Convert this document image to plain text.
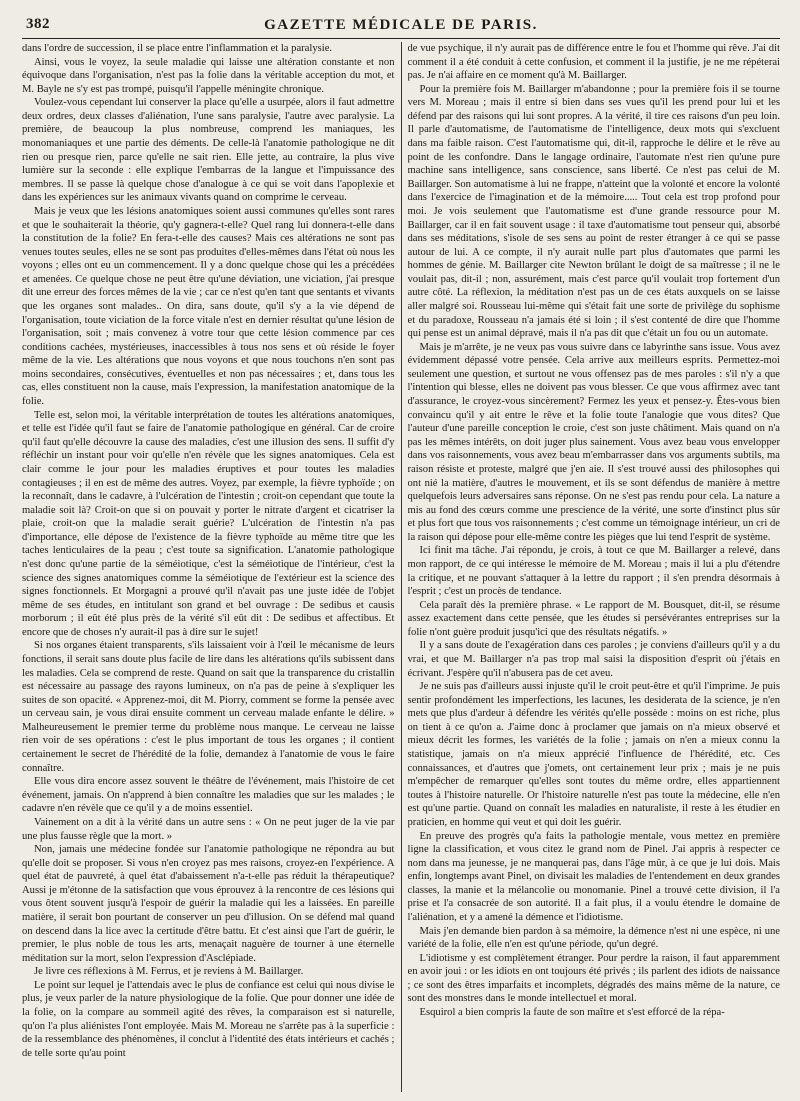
382	GAZETTE MÉDICALE DE PARIS.

dans l'ordre de succession, il se place entre l'inflammation et la paralysie.

Ainsi, vous le voyez, la seule maladie qui laisse une altération constante et non équivoque dans l'organisation, n'est pas la folie dans la véritable acception du mot, et M. Bayle ne s'y est pas trompé, puisqu'il l'appelle méningite chronique.

Voulez-vous cependant lui conserver la place qu'elle a usurpée, alors il faut admettre deux ordres, deux classes d'aliénation, l'une sans paralysie, l'autre avec paralysie. La première, de beaucoup la plus nombreuse, comprend les maniaques, les monomaniaques et une partie des déments. De celle-là l'anatomie pathologique ne dit rien ou presque rien, parce qu'elle ne sait rien. Elle jette, au contraire, la plus vive lumière sur la seconde : elle explique l'embarras de la langue et l'impuissance des membres. Il se passe là quelque chose d'analogue à ce qui se voit dans l'apoplexie et dans les expériences sur les animaux vivants quand on comprime le cerveau.

Mais je veux que les lésions anatomiques soient aussi communes qu'elles sont rares et que le souhaiterait la théorie, qu'y gagnera-t-elle? Quel rang lui donnera-t-elle dans la constitution de la folie? En fera-t-elle des causes? Mais ces altérations ne sont pas venues toutes seules, elles ne se sont pas produites d'elles-mêmes dans l'état où nous les voyons ; elles ont eu un commencement. Il y a donc quelque chose qui les a précédées et amenées. Ce quelque chose ne peut être qu'une déviation, une viciation, j'ai presque dit une erreur des forces mêmes de la vie ; car ce n'est qu'en tant que sentants et vivants que les organes sont malades.. On dira, sans doute, qu'il s'y a la vie dépend de l'organisation, toute viciation de la force vitale n'est en dernier résultat qu'une lésion de l'organisation, soit ; mais convenez à votre tour que cette lésion commence par ces conditions cachées, mystérieuses, inaccessibles à tous nos sens et où réside le foyer même de la vie. Les altérations que nous voyons et que nous touchons n'en sont pas moins secondaires, consécutives, éventuelles et non pas nécessaires ; et, dans tous les cas, elles constituent non la cause, mais l'expression, la manifestation anatomique de la folie.

Telle est, selon moi, la véritable interprétation de toutes les altérations anatomiques, et telle est l'idée qu'il faut se faire de l'anatomie pathologique en général. Car de croire qu'il faut qu'elle découvre la cause des maladies, c'est une illusion des sens. Il suffit d'y réfléchir un instant pour voir qu'elle n'en révèle que les signes anatomiques. Cela est clair comme le jour pour les maladies éruptives et pour toutes les maladies contagieuses ; il en est de même des autres. Voyez, par exemple, la fièvre typhoïde ; on la reconnaît, dans le cadavre, à l'ulcération de l'intestin ; croit-on cependant que toute la maladie soit là? Croit-on que si on pouvait y porter le nitrate d'argent et cicatriser la plaie, croit-on que la maladie serait guérie? L'ulcération de l'intestin n'a pas d'importance, elle dépose de l'existence de la fièvre typhoïde au même titre que les taches lenticulaires de la peau ; c'est toute sa signification. L'anatomie pathologique n'est donc qu'une partie de la séméiotique, c'est la séméiotique de l'intérieur, c'est la science des signes anatomiques comme la séméiotique de l'extérieur est la science des signes fonctionnels. Et Morgagni a prouvé qu'il n'avait pas une juste idée de l'objet même de ses études, en intitulant son grand et bel ouvrage : De sedibus et causis morborum ; il eût été plus près de la vérité s'il eût dit : De sedibus et affectibus. Et encore que de choses n'y aurait-il pas à dire sur le sujet!

Si nos organes étaient transparents, s'ils laissaient voir à l'œil le mécanisme de leurs fonctions, il serait sans doute plus facile de lire dans les altérations qu'ils subissent dans les maladies. Cela se comprend de reste. Quand on sait que la transparence du cristallin est nécessaire au passage des rayons lumineux, on n'a pas de peine à s'expliquer les suites de son opacité. « Apprenez-moi, dit M. Piorry, comment se forme la pensée avec un cerveau sain, je vous dirai ensuite comment un cerveau malade enfante le délire. » Malheureusement le premier terme du problème nous manque. Le cerveau ne laisse rien voir de ses opérations : c'est le plus important de tous les organes ; il contient certainement le secret de l'hérédité de la folie, demandez à l'anatomie de vous le faire connaître.

Elle vous dira encore assez souvent le théâtre de l'événement, mais l'histoire de cet événement, jamais. On n'apprend à bien connaître les maladies que sur les malades ; le cadavre n'en révèle que ce qu'il y a de moins essentiel.

Vainement on a dit à la vérité dans un autre sens : « On ne peut juger de la vie par une plus fausse règle que la mort. »

Non, jamais une médecine fondée sur l'anatomie pathologique ne répondra au but qu'elle doit se proposer. Si vous n'en croyez pas mes raisons, croyez-en l'expérience. A quel état de pauvreté, à quel état d'abaissement n'a-t-elle pas réduit la thérapeutique? Aussi je m'étonne de la satisfaction que vous éprouvez à la rencontre de ces lésions qui vous ôtent souvent jusqu'à l'espoir de guérir la maladie qui les a laissées. En pareille matière, il serait bon pourtant de conserver un peu d'illusion. On se défend mal quand on descend dans la lice avec la certitude d'être battu. Et c'est ainsi que l'art de guérir, le premier, le plus noble de tous les arts, menaçait naguère de tourner à une éternelle méditation sur la mort, selon l'expression d'Asclépiade.

Je livre ces réflexions à M. Ferrus, et je reviens à M. Baillarger.

Le point sur lequel je l'attendais avec le plus de confiance est celui qui nous divise le plus, je veux parler de la nature physiologique de la folie. Que pour donner une idée de la folie, on la compare au sommeil agité des rêves, la comparaison est si naturelle, qu'on l'a plus aliénistes l'ont employée. Mais M. Moreau ne s'arrête pas à la superficie : de la ressemblance des phénomènes, il conclut à l'identité des états intérieurs et cachés ; de telle sorte qu'au point

de vue psychique, il n'y aurait pas de différence entre le fou et l'homme qui rêve. J'ai dit comment il a été conduit à cette confusion, et comment il la justifie, je ne me répéterai pas. Je n'ai affaire en ce moment qu'à M. Baillarger.

Pour la première fois M. Baillarger m'abandonne ; pour la première fois il se tourne vers M. Moreau ; mais il entre si bien dans ses vues qu'il les prend pour lui et les défend par des raisons qui lui sont propres. A la vérité, il tire ces raisons d'un peu loin. Il parle d'automatisme, de l'automatisme de l'intelligence, deux mots qui s'excluent dans ma faible raison. C'est l'automatisme qui, dit-il, rapproche le délire et le rêve au point de les confondre. Dans le langage ordinaire, l'automate n'est rien qu'une pure machine sans intelligence, sans conscience, sans liberté. Ce n'est pas celui de M. Baillarger. Son automatisme à lui ne frappe, n'atteint que la volonté et encore la volonté dans l'exercice de l'imagination et de la mémoire..... Tout cela est trop profond pour moi. Je vois seulement que l'automatisme est d'une grande ressource pour M. Baillarger, car il en fait souvent usage : il taxe d'automatisme tout penseur qui, absorbé dans ses méditations, s'isole de ses sens au point de rester étranger à ce qui se passe autour de lui. A ce compte, il n'y aurait nulle part plus d'automates que parmi les hommes de génie. M. Baillarger cite Newton brûlant le doigt de sa maîtresse ; il ne le voulait pas, dit-il ; non, assurément, mais c'est parce qu'il voulait trop fortement d'un autre côté. La réflexion, la méditation n'est pas un de ces états auxquels on se laisse aller malgré soi. Rousseau lui-même qui s'était fait une sorte de privilège du sophisme et du paradoxe, Rousseau n'a jamais été si loin ; il s'est contenté de dire que l'homme qui pense est un animal dépravé, mais il n'a pas dit que c'était un fou ou un automate.

Mais je m'arrête, je ne veux pas vous suivre dans ce labyrinthe sans issue. Vous avez évidemment dépassé votre pensée. Cela arrive aux meilleurs esprits. Permettez-moi seulement une question, et surtout ne vous offensez pas de mes paroles : s'il n'y a que l'intention qui blesse, elles ne doivent pas vous blesser. Ce que vous affirmez avec tant d'assurance, le croyez-vous sincèrement? Fermez les yeux et pensez-y. Êtes-vous bien convaincu qu'il y ait entre le rêve et la folie toute l'analogie que vous dites? Que l'auteur d'une pareille conception le croie, c'est son juste châtiment. Mais quand on n'a pas les mêmes intérêts, on doit juger plus sainement. Vous avez beau vous envelopper dans vos raisonnements, vous avez beau m'embarrasser dans vos arguments subtils, ma raison résiste et proteste, malgré que j'en aie. Il s'est trouvé aussi des philosophes qui ont nié la matière, d'autres le mouvement, et ils se sont défendus de manière à mettre quelquefois leurs adversaires sans réponse. On ne s'est pas rendu pour cela. La nature a mis au fond des cœurs comme une prescience de la vérité, une sorte d'instinct plus sûr et plus fort que tous vos raisonnements ; c'est comme un témoignage intérieur, un cri de la raison qui dépose pour elle-même contre les pièges que lui tend l'esprit de système.

Ici finit ma tâche. J'ai répondu, je crois, à tout ce que M. Baillarger a relevé, dans mon rapport, de ce qui intéresse le mémoire de M. Moreau ; mais il lui a plu d'étendre la critique, et ne pouvant s'attaquer à la lettre du rapport ; il s'en prendra désormais à l'esprit ; c'est un procès de tendance.

Cela paraît dès la première phrase. « Le rapport de M. Bousquet, dit-il, se résume assez exactement dans cette pensée, que les études si persévérantes entreprises sur la folie n'ont guère produit jusqu'ici que des résultats négatifs. »

Il y a sans doute de l'exagération dans ces paroles ; je conviens d'ailleurs qu'il y a du vrai, et que M. Baillarger n'a pas trop mal saisi la disposition d'esprit où j'étais en écrivant. J'espère qu'il n'abusera pas de cet aveu.

Je ne suis pas d'ailleurs aussi injuste qu'il le croit peut-être et qu'il l'imprime. Je puis sentir profondément les imperfections, les lacunes, les desiderata de la science, je n'en mets que plus d'ardeur à défendre les vérités qu'elle possède : moins on est riche, plus on tient à ce qu'on a. J'aime donc à proclamer que jamais on n'a mieux observé et mieux décrit les formes, les variétés de la folie ; jamais on n'en a mieux connu la statistique, jamais on n'a mieux apprécié l'influence de l'hérédité, etc. Ces connaissances, et d'autres que j'omets, ont certainement leur prix ; mais je ne puis m'empêcher de remarquer qu'elles sont toutes du même ordre, elles appartiennent toutes à l'histoire naturelle. Or l'histoire naturelle n'est pas toute la médecine, elle n'en est qu'une partie. Quand on connaît les maladies en naturaliste, il reste à les étudier en praticien, en homme qui veut et qui doit les guérir.

En preuve des progrès qu'a faits la pathologie mentale, vous mettez en première ligne la classification, et vous citez le grand nom de Pinel. J'ai appris à respecter ce nom dans ma jeunesse, je ne manquerai pas, dans l'âge mûr, à ce que je lui dois. Mais enfin, longtemps avant Pinel, on divisait les maladies de l'entendement en deux grandes classes, la manie et la mélancolie ou monomanie. Pinel a trouvé cette division, il l'a prise et l'a consacrée de son autorité. Il a fait plus, il a voulu étendre le domaine de l'aliénation, et y a amené la démence et l'idiotisme.

Mais j'en demande bien pardon à sa mémoire, la démence n'est ni une espèce, ni une variété de la folie, elle n'en est qu'une période, qu'un degré.

L'idiotisme y est complètement étranger. Pour perdre la raison, il faut apparemment en avoir joui : or les idiots en ont toujours été privés ; ils parlent des idiots de naissance ; ce sont des êtres imparfaits et incomplets, dégradés des mains même de la nature, ce sont des monstres dans le monde intellectuel et moral.

Esquirol a bien compris la faute de son maître et s'est efforcé de la répa-
